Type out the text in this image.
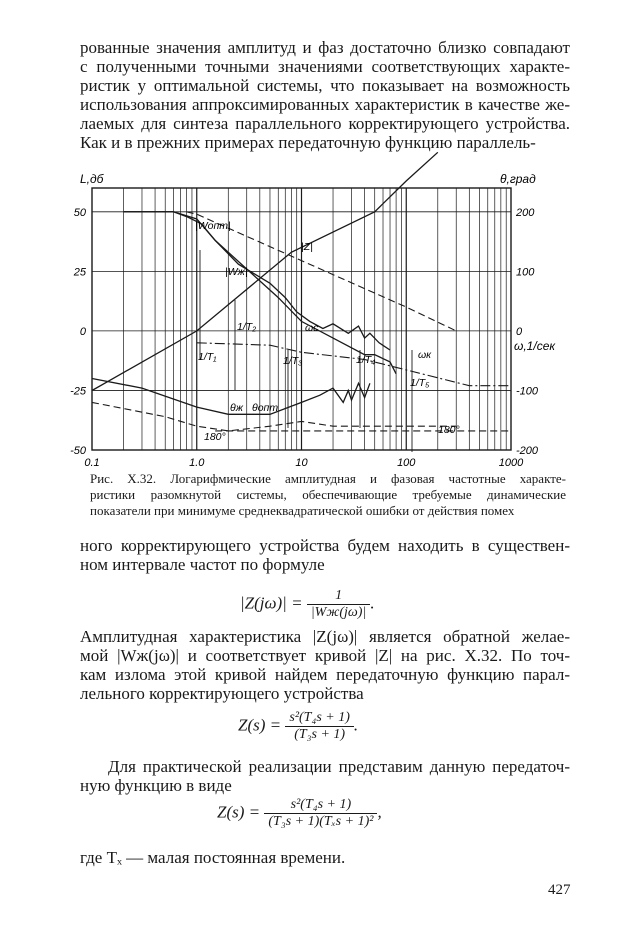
рованные значения амплитуд и фаз достаточно близко совпадают
с полученными точными значениями соответствующих характе-
ристик у оптимальной системы, что показывает на возможность
использования аппроксимированных характеристик в качестве же-
лаемых для синтеза параллельного корректирующего устройства.
Как и в прежних примерах передаточную функцию параллель-
50
25
0
-25
-50
200
100
0
-100
-200
0.1	1.0	10	100	1000
L,дб	θ,град
ω,1/сек
|Wопт|
|Wж|
|Z|
ωс
ωк
1/T₁
1/T₂
1/T₃	1/T₄
1/T₅
θж θопт
180°
180°
Рис. X.32. Логарифмические амплитудная и фазовая частотные характе-
ристики разомкнутой системы, обеспечивающие требуемые динамические
показатели при минимуме среднеквадратической ошибки от действия помех
ного корректирующего устройства будем находить в существен-
ном интервале частот по формуле
$|Z(j\omega)| = \frac{1}{|Wж(j\omega)|}$ .
Амплитудная характеристика |Z(jω)| является обратной желае-
мой |Wж(jω)| и соответствует кривой |Z| на рис. X.32. По точ-
кам излома этой кривой найдем передаточную функцию парал-
лельного корректирующего устройства
$Z(s) = \frac{\text{s²(T₄s + 1)}}{\text{(T₃s + 1)}}$ .
Для практической реализации представим данную передаточ-
ную функцию в виде
$Z(s) = \frac{\text{s²(T₄s + 1)}}{\text{(T₃s + 1)(Tₓs + 1)²}}$ ,
где Tₓ — малая постоянная времени.
427
